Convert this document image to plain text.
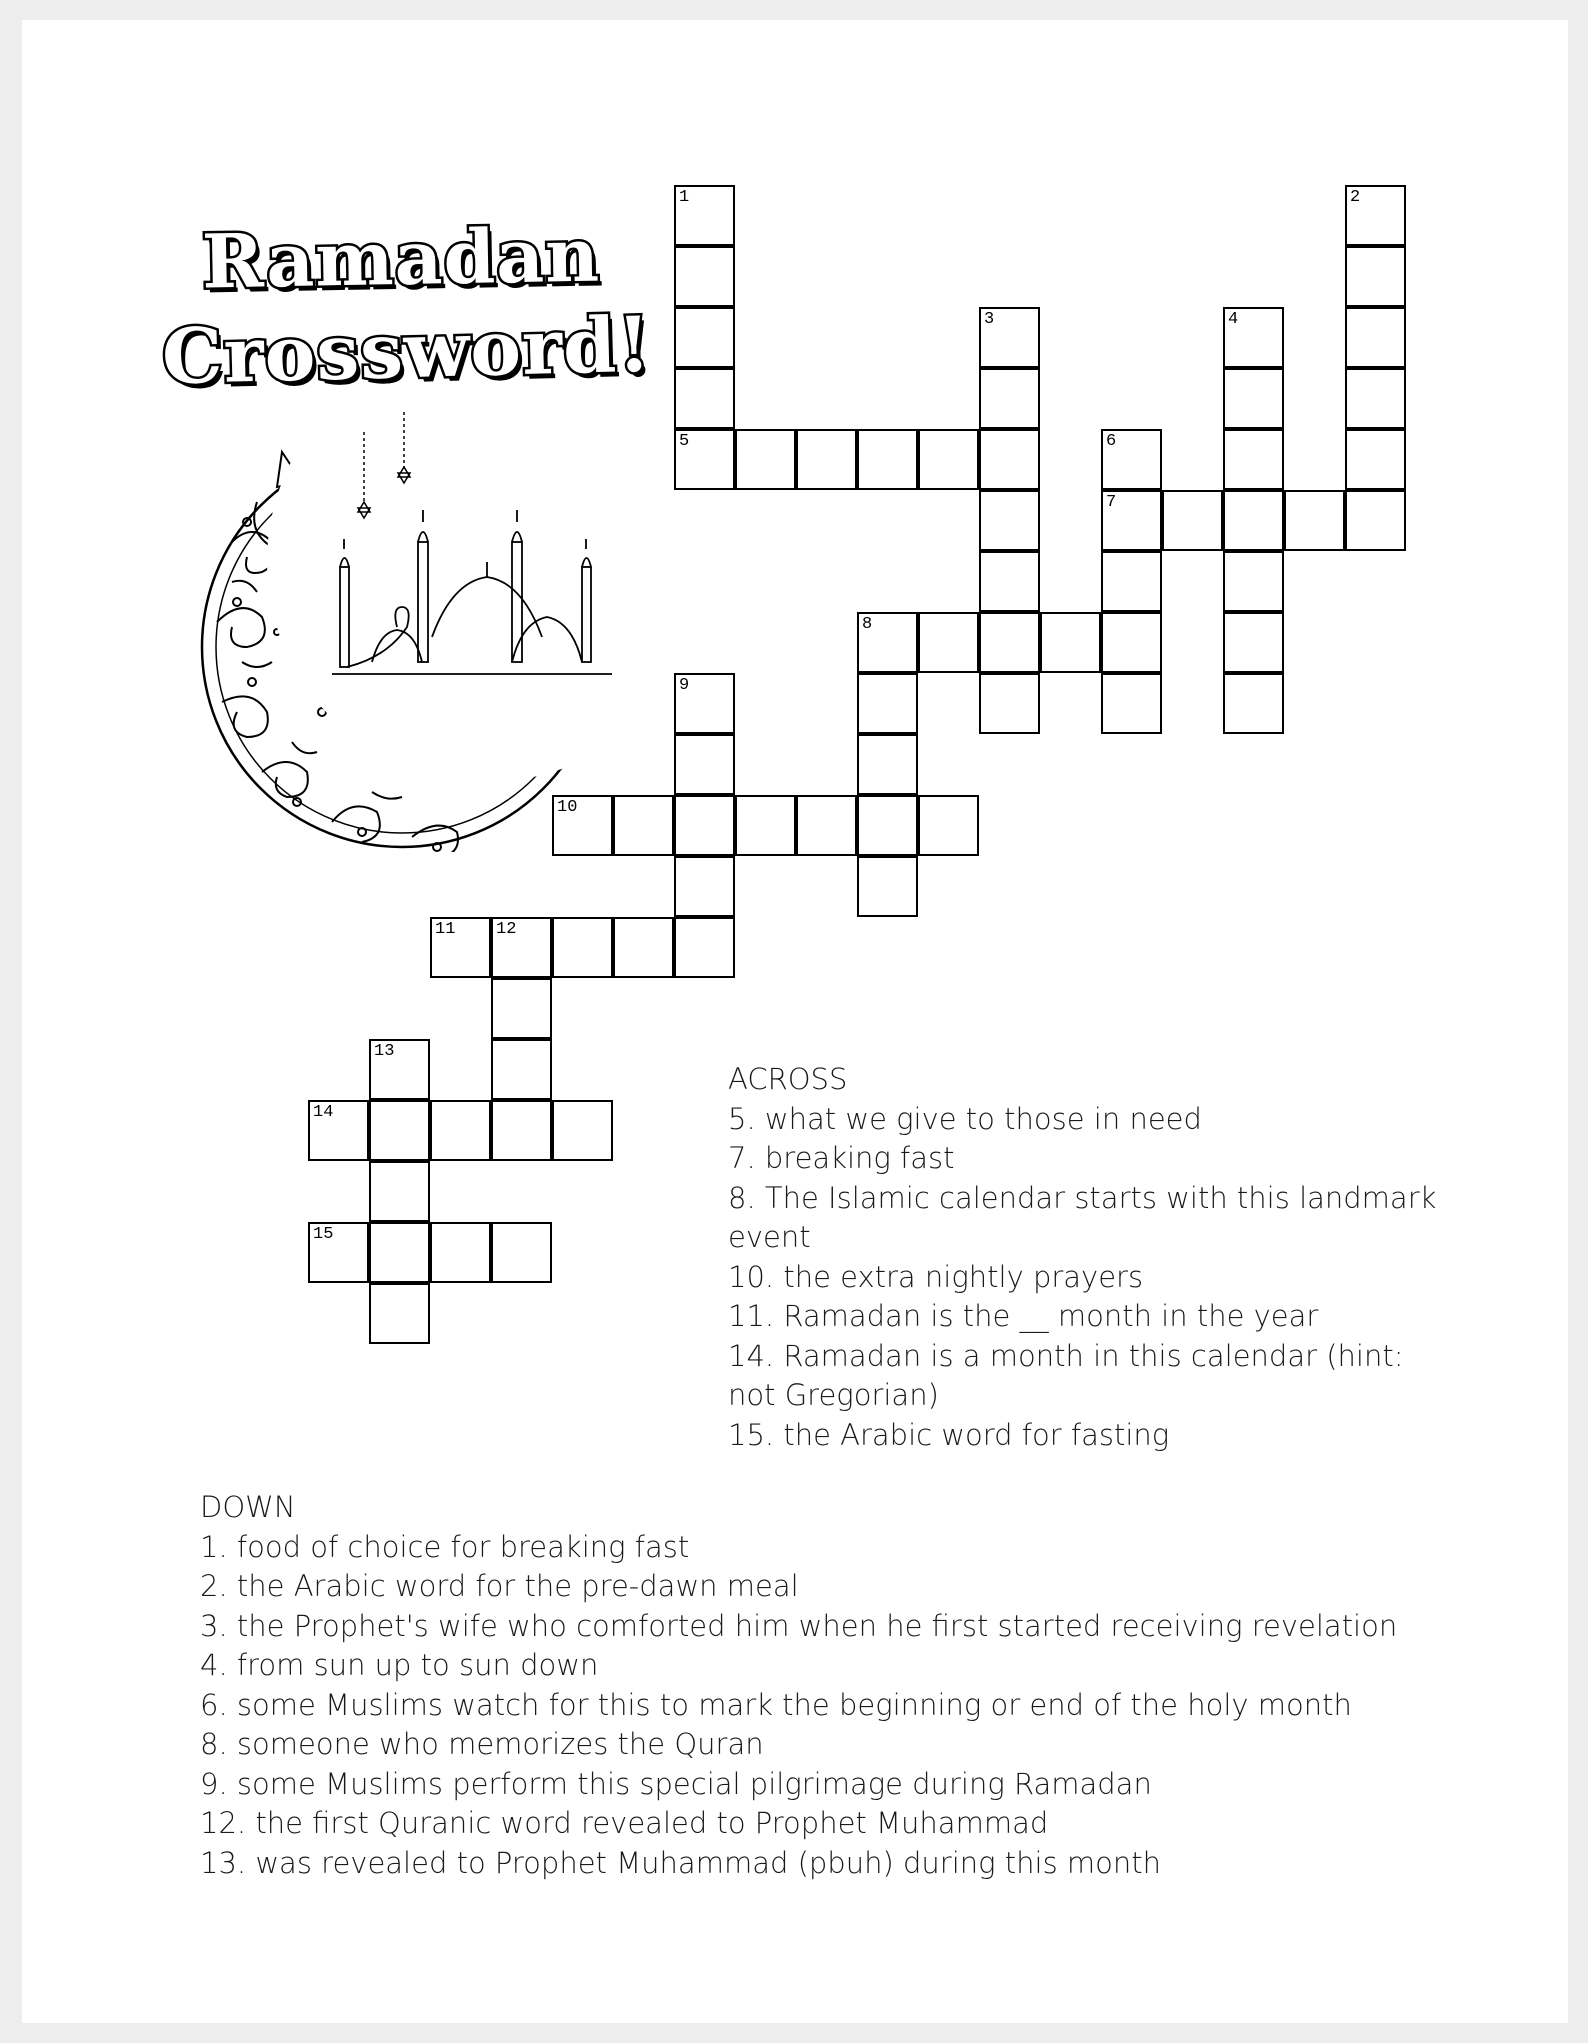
Ramadan
Crossword!
1
5
2
3	4
6
7
8
9
10
11 12
13
14
15

ACROSS

5. what we give to those in need

7. breaking fast

8. The Islamic calendar starts with this landmark event

10. the extra nightly prayers

11. Ramadan is the __ month in the year

14. Ramadan is a month in this calendar (hint: not Gregorian)

15. the Arabic word for fasting

DOWN

1. food of choice for breaking fast

2. the Arabic word for the pre-dawn meal

3. the Prophet's wife who comforted him when he first started receiving revelation

4. from sun up to sun down

6. some Muslims watch for this to mark the beginning or end of the holy month

8. someone who memorizes the Quran

9. some Muslims perform this special pilgrimage during Ramadan

12. the first Quranic word revealed to Prophet Muhammad

13. was revealed to Prophet Muhammad (pbuh) during this month
